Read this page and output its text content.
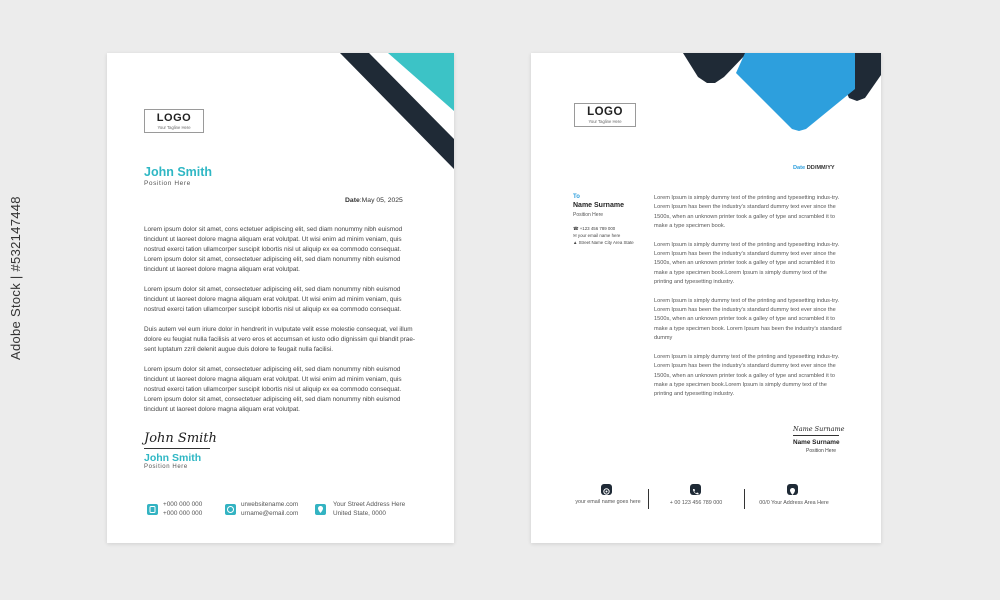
Adobe Stock | #532147448
LOGO
Your Tagline Here
John Smith
Position Here
Date:May 05, 2025

Lorem ipsum dolor sit amet, cons ectetuer adipiscing elit, sed diam nonummy nibh euismod tincidunt ut laoreet dolore magna aliquam erat volutpat. Ut wisi enim ad minim veniam, quis nostrud exerci tation ullamcorper suscipit lobortis nisl ut aliquip ex ea commodo consequat. Lorem ipsum dolor sit amet, consectetuer adipiscing elit, sed diam nonummy nibh euismod tincidunt ut laoreet dolore magna aliquam erat volutpat.

Lorem ipsum dolor sit amet, consectetuer adipiscing elit, sed diam nonummy nibh euismod tincidunt ut laoreet dolore magna aliquam erat volutpat. Ut wisi enim ad minim veniam, quis nostrud exerci tation ullamcorper suscipit lobortis nisl ut aliquip ex ea commodo consequat.

Duis autem vel eum iriure dolor in hendrerit in vulputate velit esse molestie consequat, vel illum dolore eu feugiat nulla facilisis at vero eros et accumsan et iusto odio dignissim qui blandit prae-sent luptatum zzril delenit augue duis dolore te feugait nulla facilisi.

Lorem ipsum dolor sit amet, consectetuer adipiscing elit, sed diam nonummy nibh euismod tincidunt ut laoreet dolore magna aliquam erat volutpat. Ut wisi enim ad minim veniam, quis nostrud exerci tation ullamcorper suscipit lobortis nisl ut aliquip ex ea commodo consequat. Lorem ipsum dolor sit amet, consectetuer adipiscing elit, sed diam nonummy nibh euismod tincidunt ut laoreet dolore magna aliquam erat volutpat.

John Smith
John Smith
Position Here
+000 000 000
+000 000 000
urwebsitename.com
urname@email.com
Your Street Address Here
United State, 0000
LOGO
Your Tagline Here
Date DD/MM/YY
To
Name Surname
Position Here
☎ +123 456 789 000
✉ your email name here
▲ Street Name City Area State

Lorem Ipsum is simply dummy text of the printing and typesetting indus-try. Lorem Ipsum has been the industry's standard dummy text ever since the 1500s, when an unknown printer took a galley of type and scrambled it to make a type specimen book.

Lorem Ipsum is simply dummy text of the printing and typesetting indus-try. Lorem Ipsum has been the industry's standard dummy text ever since the 1500s, when an unknown printer took a galley of type and scrambled it to make a type specimen book.Lorem Ipsum is simply dummy text of the printing and typesetting industry.

Lorem Ipsum is simply dummy text of the printing and typesetting indus-try. Lorem Ipsum has been the industry's standard dummy text ever since the 1500s, when an unknown printer took a galley of type and scrambled it to make a type specimen book. Lorem Ipsum has been the industry's standard dummy

Lorem Ipsum is simply dummy text of the printing and typesetting indus-try. Lorem Ipsum has been the industry's standard dummy text ever since the 1500s, when an unknown printer took a galley of type and scrambled it to make a type specimen book.Lorem Ipsum is simply dummy text of the printing and typesetting industry.

Name Surname
Name Surname
Position Here
your email name goes here	+ 00 123 456 789 000	00/0 Your Address Area Here
